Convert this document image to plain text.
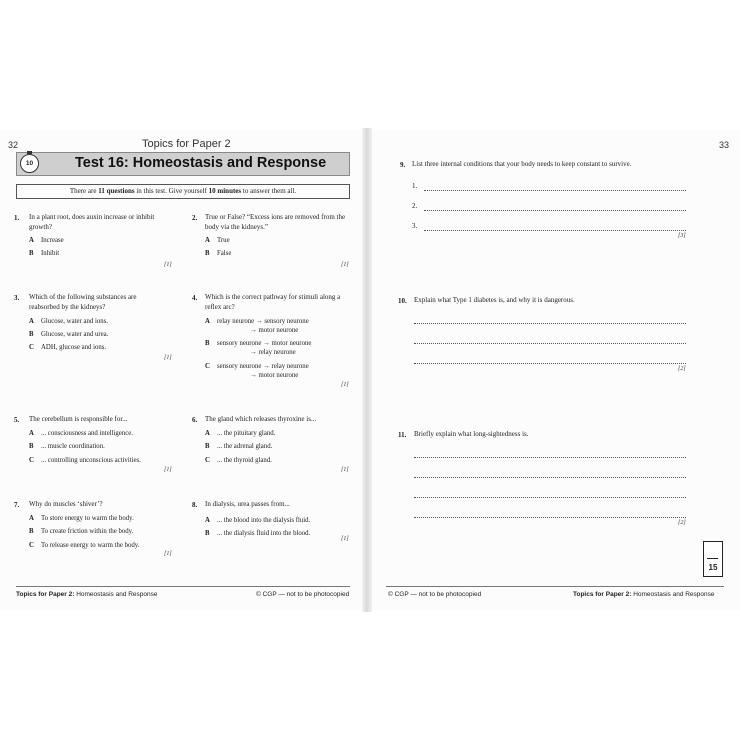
32	Topics for Paper 2
10	Test 16: Homeostasis and Response
There are 11 questions in this test. Give yourself 10 minutes to answer them all.
1. In a plant root, does auxin increase or inhibit growth?
A Increase
B Inhibit
[1]
2. True or False? “Excess ions are removed from the body via the kidneys.”
A True
B False
[1]
3. Which of the following substances are reabsorbed by the kidneys?
A Glucose, water and ions.
B Glucose, water and urea.
C ADH, glucose and ions.
[1]
4. Which is the correct pathway for stimuli along a reflex arc?
A relay neurone → sensory neurone
→ motor neurone
B sensory neurone → motor neurone
→ relay neurone
C sensory neurone → relay neurone
→ motor neurone
[1]
5. The cerebellum is responsible for...
A ... consciousness and intelligence.
B ... muscle coordination.
C ... controlling unconscious activities.
[1]
6. The gland which releases thyroxine is...
A ... the pituitary gland.
B ... the adrenal gland.
C ... the thyroid gland.
[1]
7. Why do muscles ‘shiver’?
A To store energy to warm the body.
B To create friction within the body.
C To release energy to warm the body.
[1]
8. In dialysis, urea passes from...
A ... the blood into the dialysis fluid.
B ... the dialysis fluid into the blood.
[1]
Topics for Paper 2: Homeostasis and Response	© CGP — not to be photocopied
33
9. List three internal conditions that your body needs to keep constant to survive.
1.
2.
3.
[3]
10. Explain what Type 1 diabetes is, and why it is dangerous.
[2]
11. Briefly explain what long-sightedness is.
[2]
15
© CGP — not to be photocopied	Topics for Paper 2: Homeostasis and Response
